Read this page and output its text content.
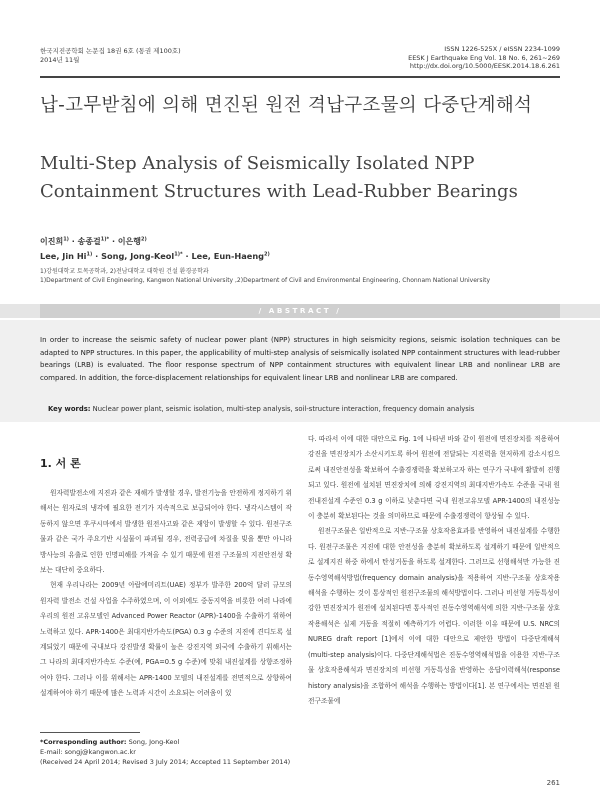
한국지진공학회 논문집 18권 6호 (통권 제100호)
2014년 11월
ISSN 1226-525X / eISSN 2234-1099
EESK J Earthquake Eng Vol. 18 No. 6, 261~269
http://dx.doi.org/10.5000/EESK.2014.18.6.261
납-고무받침에 의해 면진된 원전 격납구조물의 다중단계해석
Multi-Step Analysis of Seismically Isolated NPP Containment Structures with Lead-Rubber Bearings
이진희$^{1)}$ · 송종걸$^{1)*}$ · 이은행$^{2)}$
Lee, Jin $Hi^{1)}$ · Song, Jong-Keol$^{1)*}$ · Lee, Eun-Haeng$^{2)}$
1)강원대학교 토목공학과, 2)전남대학교 대학원 건설 환경공학과
1)Department of Civil Engineering, Kangwon National University ,2)Department of Civil and Environmental Engineering, Chonnam National University
/ ABSTRACT /
In order to increase the seismic safety of nuclear power plant (NPP) structures in high seismicity regions, seismic isolation techniques can be adapted to NPP structures. In this paper, the applicability of multi-step analysis of seismically isolated NPP containment structures with lead-rubber bearings (LRB) is evaluated. The floor response spectrum of NPP containment structures with equivalent linear LRB and nonlinear LRB are compared. In addition, the force-displacement relationships for equivalent linear LRB and nonlinear LRB are compared.
Key words: Nuclear power plant, seismic isolation, multi-step analysis, soil-structure interaction, frequency domain analysis
1. 서 론

원자력발전소에 지진과 같은 재해가 발생할 경우, 발전기능을 안전하게 정지하기 위해서는 원자로의 냉각에 필요한 전기가 지속적으로 보급되어야 한다. 냉각시스템이 작동하지 않으면 후쿠시마에서 발생한 원전사고와 같은 재앙이 발생할 수 있다. 원전구조물과 같은 국가 주요기반 시설물이 파괴될 경우, 전력공급에 차질을 빚을 뿐만 아니라 방사능의 유출로 인한 인명피해를 가져올 수 있기 때문에 원전 구조물의 지진안전성 확보는 대단히 중요하다.

현재 우리나라는 2009년 아랍에미리트(UAE) 정부가 발주한 200억 달러 규모의 원자력 발전소 건설 사업을 수주하였으며, 이 이외에도 중동지역을 비롯한 여러 나라에 우리의 원전 고유모델인 Advanced Power Reactor (APR)-1400을 수출하기 위하여 노력하고 있다. APR-1400은 최대지반가속도(PGA) 0.3 g 수준의 지진에 견디도록 설계되었기 때문에 국내보다 강진발생 확률이 높은 강진지역 외국에 수출하기 위해서는 그 나라의 최대지반가속도 수준(예, PGA=0.5 g 수준)에 맞춰 내진설계를 상향조정하여야 한다. 그러나 이를 위해서는 APR-1400 모델의 내진설계를 전면적으로 상향하여 설계하여야 하기 때문에 많은 노력과 시간이 소요되는 어려움이 있

다. 따라서 이에 대한 대안으로 Fig. 1에 나타낸 바와 같이 원전에 면진장치를 적용하여 강진을 면진장치가 소산시키도록 하여 원전에 전달되는 지진력을 현저하게 감소시킴으로써 내진안전성을 확보하여 수출경쟁력을 확보하고자 하는 연구가 국내에 활발히 진행되고 있다. 원전에 설치된 면진장치에 의해 강진지역의 최대지반가속도 수준을 국내 원전내진설계 수준인 0.3 g 이하로 낮춘다면 국내 원전고유모델 APR-1400의 내진성능이 충분히 확보된다는 것을 의미하므로 때문에 수출경쟁력이 향상될 수 있다.

원전구조물은 일반적으로 지반-구조물 상호작용효과를 반영하여 내진설계를 수행한다. 원전구조물은 지진에 대한 안전성을 충분히 확보하도록 설계하기 때문에 일반적으로 설계지진 하중 하에서 탄성거동을 하도록 설계한다. 그러므로 선형해석만 가능한 진동수영역해석방법(frequency domain analysis)을 적용하여 지반-구조물 상호작용해석을 수행하는 것이 통상적인 원전구조물의 해석방법이다. 그러나 비선형 거동특성이 강한 면진장치가 원전에 설치된다면 통사적인 진동수영역해석에 의한 지반-구조물 상호작용해석은 실제 거동을 적절히 예측하기가 어렵다. 이러한 이유 때문에 U.S. NRC의 NUREG draft report [1]에서 이에 대한 대안으로 제안한 방법이 다중단계해석(multi-step analysis)이다. 다중단계해석법은 진동수영역해석법을 이용한 지반-구조물 상호작용해석과 면진장치의 비선형 거동특성을 반영하는 응답이력해석(response history analysis)을 조합하여 해석을 수행하는 방법이다[1]. 본 연구에서는 면진된 원전구조물에

*Corresponding author: Song, Jong-Keol
E-mail: songj@kangwon.ac.kr
(Received 24 April 2014; Revised 3 July 2014; Accepted 11 September 2014)
261
